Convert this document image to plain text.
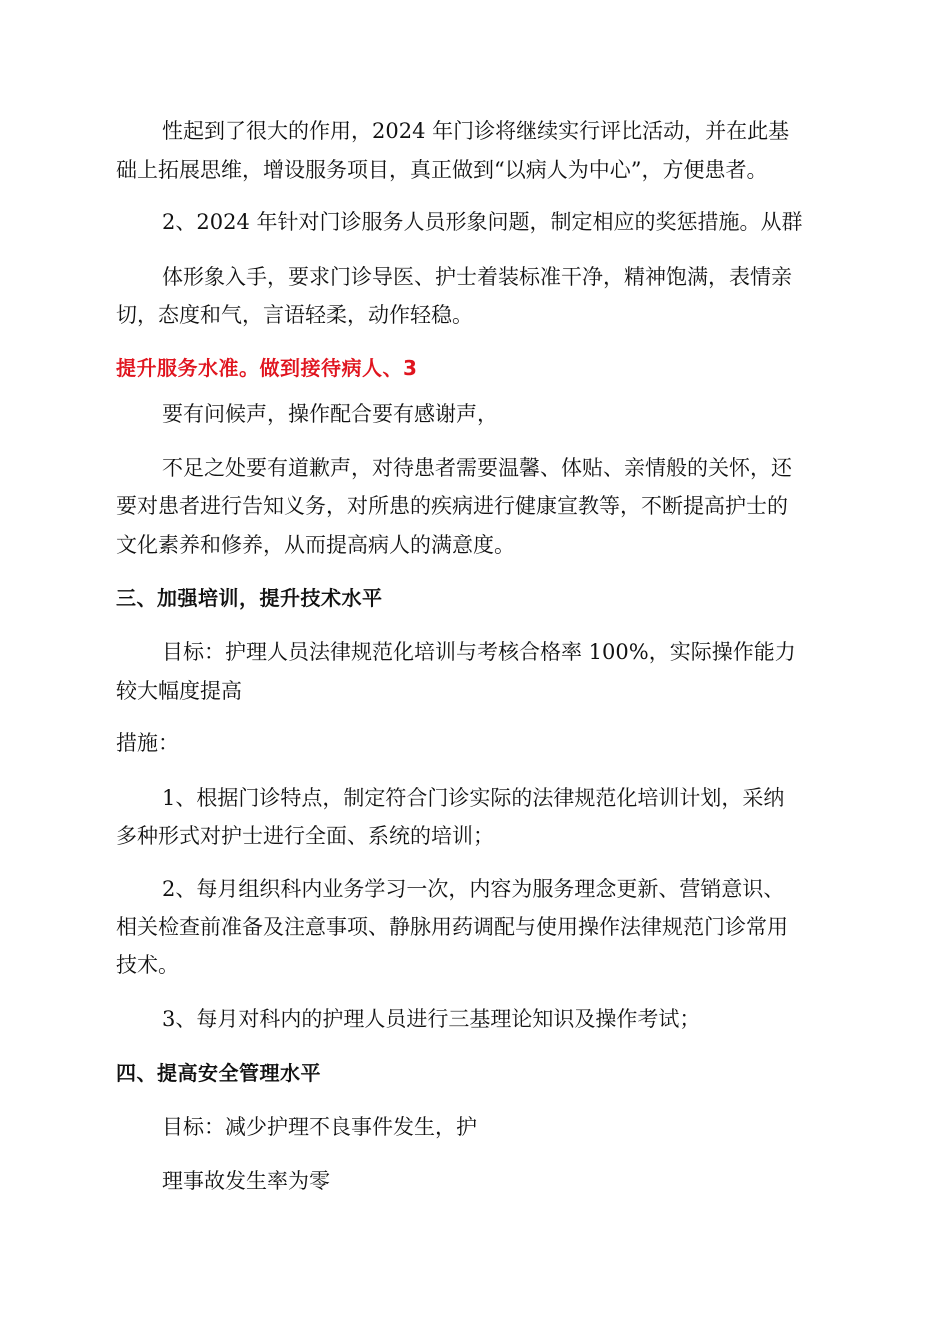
性起到了很大的作用，2024 年门诊将继续实行评比活动，并在此基
础上拓展思维，增设服务项目，真正做到“以病人为中心”，方便患者。
2、2024 年针对门诊服务人员形象问题，制定相应的奖惩措施。从群
体形象入手，要求门诊导医、护士着装标准干净，精神饱满，表情亲
切，态度和气，言语轻柔，动作轻稳。
提升服务水准。做到接待病人、3
要有问候声，操作配合要有感谢声，
不足之处要有道歉声，对待患者需要温馨、体贴、亲情般的关怀，还
要对患者进行告知义务，对所患的疾病进行健康宣教等，不断提高护士的
文化素养和修养，从而提高病人的满意度。
三、加强培训，提升技术水平
目标：护理人员法律规范化培训与考核合格率 100%，实际操作能力
较大幅度提高
措施：
1、根据门诊特点，制定符合门诊实际的法律规范化培训计划，采纳
多种形式对护士进行全面、系统的培训；
2、每月组织科内业务学习一次，内容为服务理念更新、营销意识、
相关检查前准备及注意事项、静脉用药调配与使用操作法律规范门诊常用
技术。
3、每月对科内的护理人员进行三基理论知识及操作考试；
四、提高安全管理水平
目标：减少护理不良事件发生，护
理事故发生率为零
